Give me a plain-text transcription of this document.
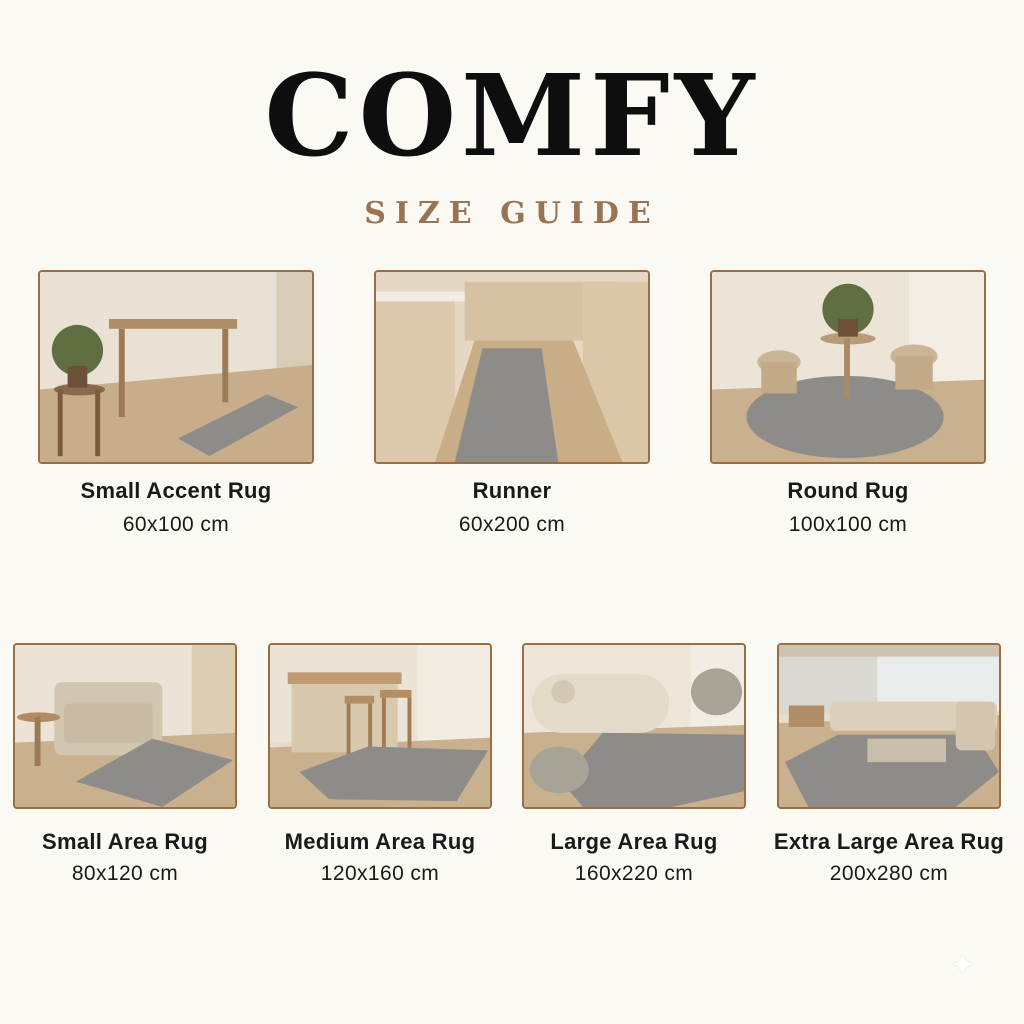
COMFY
SIZE GUIDE
Small Accent Rug
60x100 cm
Runner
60x200 cm
Round Rug
100x100 cm
Small Area Rug
80x120 cm
Medium Area Rug
120x160 cm
Large Area Rug
160x220 cm
Extra Large Area Rug
200x280 cm
✦
